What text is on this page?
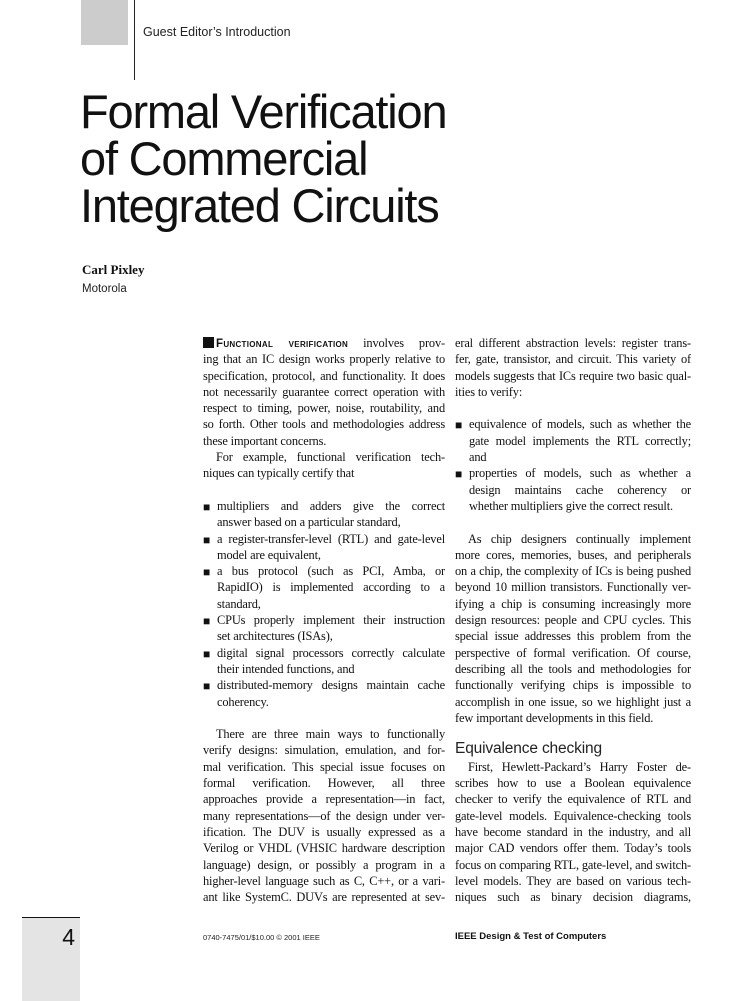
Guest Editor’s Introduction
Formal Verification
of Commercial
Integrated Circuits
Carl Pixley
Motorola
Functional verification involves prov-
ing that an IC design works properly relative to
specification, protocol, and functionality. It does
not necessarily guarantee correct operation with
respect to timing, power, noise, routability, and
so forth. Other tools and methodologies address
these important concerns.
For example, functional verification tech-
niques can typically certify that
■ multipliers and adders give the correct
answer based on a particular standard,
■ a register-transfer-level (RTL) and gate-level
model are equivalent,
■ a bus protocol (such as PCI, Amba, or
RapidIO) is implemented according to a
standard,
■ CPUs properly implement their instruction
set architectures (ISAs),
■ digital signal processors correctly calculate
their intended functions, and
■ distributed-memory designs maintain cache
coherency.
There are three main ways to functionally
verify designs: simulation, emulation, and for-
mal verification. This special issue focuses on
formal verification. However, all three
approaches provide a representation—in fact,
many representations—of the design under ver-
ification. The DUV is usually expressed as a
Verilog or VHDL (VHSIC hardware description
language) design, or possibly a program in a
higher-level language such as C, C++, or a vari-
ant like SystemC. DUVs are represented at sev-
eral different abstraction levels: register trans-
fer, gate, transistor, and circuit. This variety of
models suggests that ICs require two basic qual-
ities to verify:
■ equivalence of models, such as whether the
gate model implements the RTL correctly;
and
■ properties of models, such as whether a
design maintains cache coherency or
whether multipliers give the correct result.
As chip designers continually implement
more cores, memories, buses, and peripherals
on a chip, the complexity of ICs is being pushed
beyond 10 million transistors. Functionally ver-
ifying a chip is consuming increasingly more
design resources: people and CPU cycles. This
special issue addresses this problem from the
perspective of formal verification. Of course,
describing all the tools and methodologies for
functionally verifying chips is impossible to
accomplish in one issue, so we highlight just a
few important developments in this field.
Equivalence checking
First, Hewlett-Packard’s Harry Foster de-
scribes how to use a Boolean equivalence
checker to verify the equivalence of RTL and
gate-level models. Equivalence-checking tools
have become standard in the industry, and all
major CAD vendors offer them. Today’s tools
focus on comparing RTL, gate-level, and switch-
level models. They are based on various tech-
niques such as binary decision diagrams,
4	0740-7475/01/$10.00 © 2001 IEEE	IEEE Design & Test of Computers
